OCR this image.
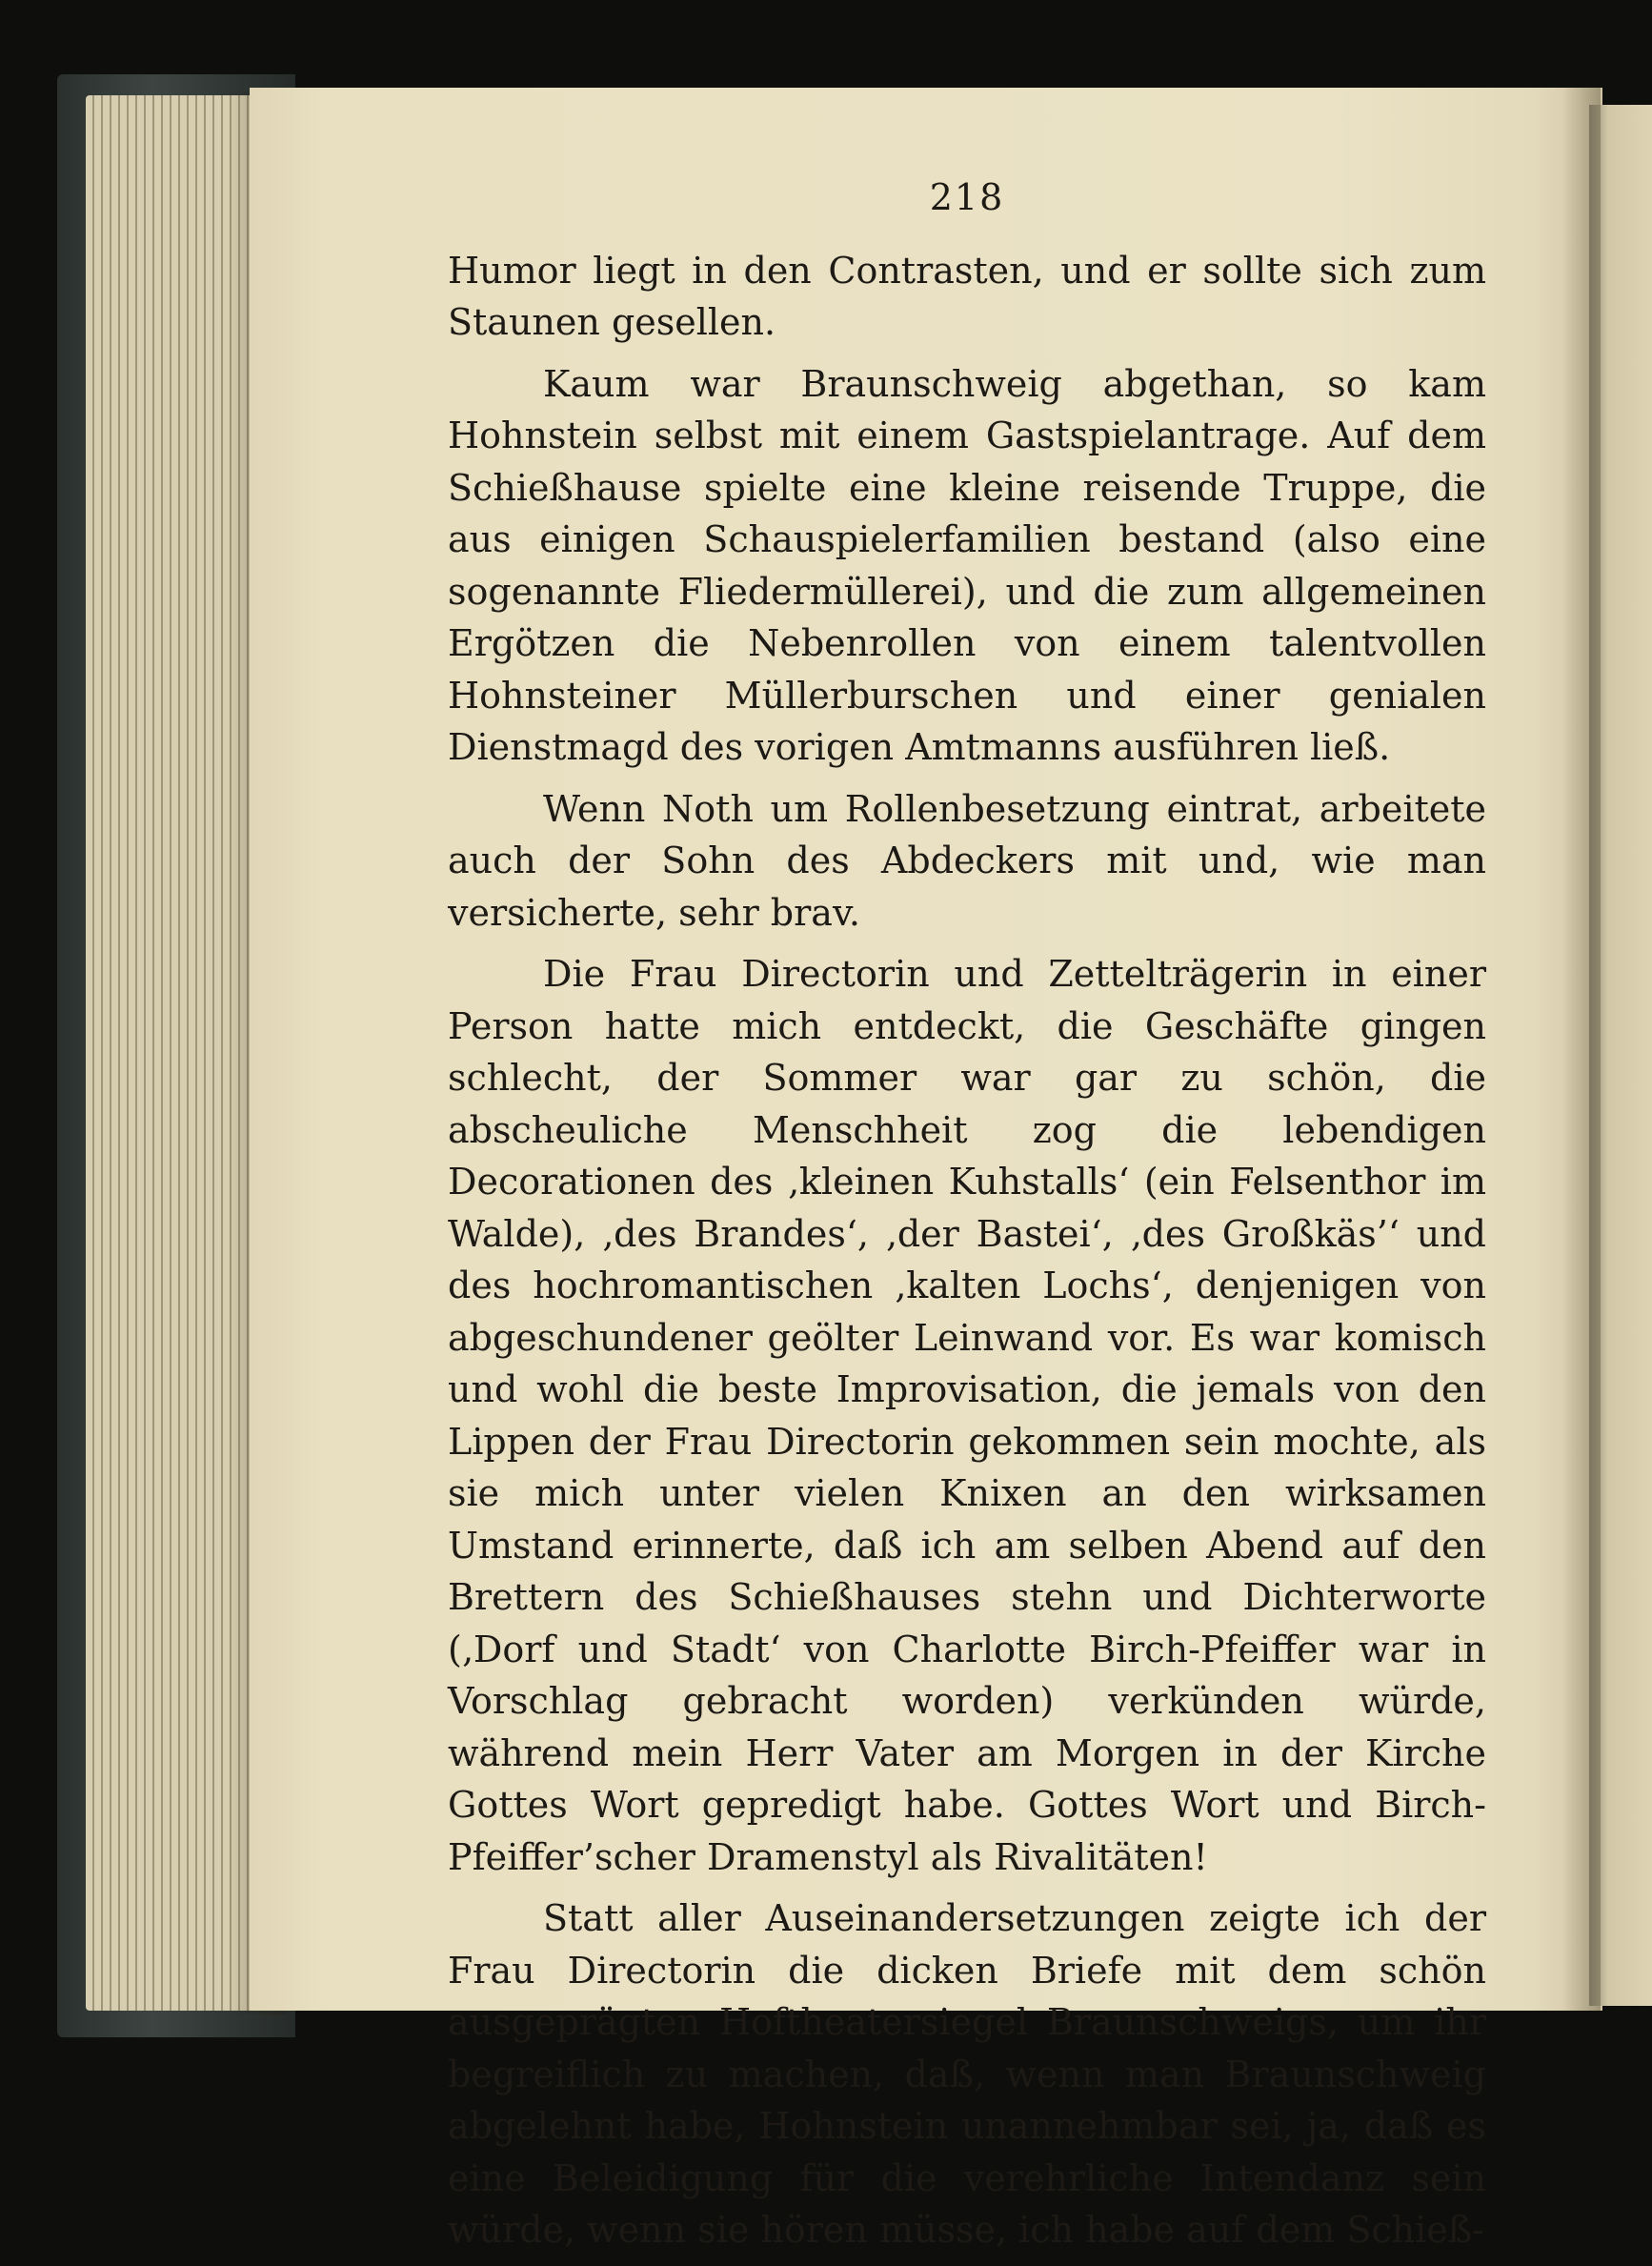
218

Humor liegt in den Contrasten, und er sollte sich zum Staunen gesellen.

Kaum war Braunschweig abgethan, so kam Hohnstein selbst mit einem Gastspielantrage. Auf dem Schießhause spielte eine kleine reisende Truppe, die aus einigen Schauspielerfamilien bestand (also eine sogenannte Fliedermüllerei), und die zum allgemeinen Ergötzen die Nebenrollen von einem talentvollen Hohnsteiner Müllerburschen und einer genialen Dienstmagd des vorigen Amtmanns ausführen ließ.

Wenn Noth um Rollenbesetzung eintrat, arbeitete auch der Sohn des Abdeckers mit und, wie man versicherte, sehr brav.

Die Frau Directorin und Zettelträgerin in einer Person hatte mich entdeckt, die Geschäfte gingen schlecht, der Sommer war gar zu schön, die abscheuliche Menschheit zog die lebendigen Decorationen des ‚kleinen Kuhstalls‘ (ein Felsenthor im Walde), ‚des Brandes‘, ‚der Bastei‘, ‚des Großkäs’‘ und des hochromantischen ‚kalten Lochs‘, denjenigen von abgeschundener geölter Leinwand vor. Es war komisch und wohl die beste Improvisation, die jemals von den Lippen der Frau Directorin gekommen sein mochte, als sie mich unter vielen Knixen an den wirksamen Umstand erinnerte, daß ich am selben Abend auf den Brettern des Schießhauses stehn und Dichterworte (‚Dorf und Stadt‘ von Charlotte Birch-Pfeiffer war in Vorschlag gebracht worden) verkünden würde, während mein Herr Vater am Morgen in der Kirche Gottes Wort gepredigt habe. Gottes Wort und Birch-Pfeiffer’scher Dramenstyl als Rivalitäten!

Statt aller Auseinandersetzungen zeigte ich der Frau Directorin die dicken Briefe mit dem schön ausgeprägten Hoftheatersiegel Braunschweigs, um ihr begreiflich zu machen, daß, wenn man Braunschweig abgelehnt habe, Hohnstein unannehmbar sei, ja, daß es eine Beleidigung für die verehrliche Intendanz sein würde, wenn sie hören müsse, ich habe auf dem Schieß-
